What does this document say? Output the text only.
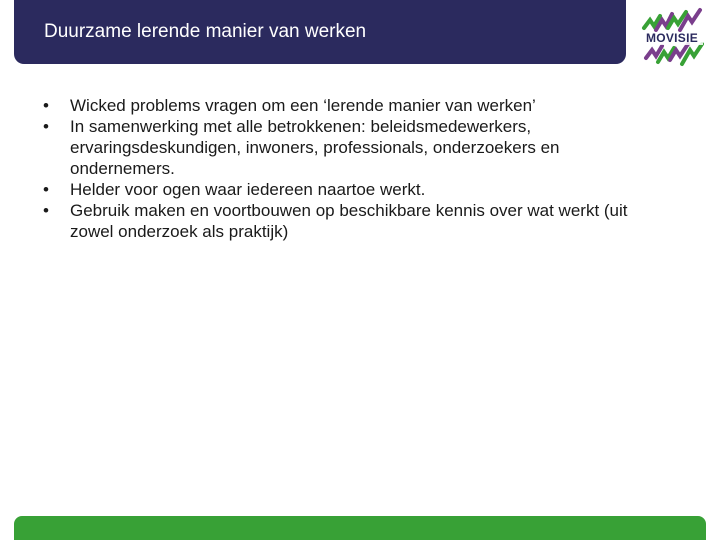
Duurzame lerende manier van werken	MOVISIE
• Wicked problems vragen om een ‘lerende manier van werken’
• In samenwerking met alle betrokkenen: beleidsmedewerkers, ervaringsdeskundigen, inwoners, professionals, onderzoekers en ondernemers.
• Helder voor ogen waar iedereen naartoe werkt.
• Gebruik maken en voortbouwen op beschikbare kennis over wat werkt (uit zowel onderzoek als praktijk)
